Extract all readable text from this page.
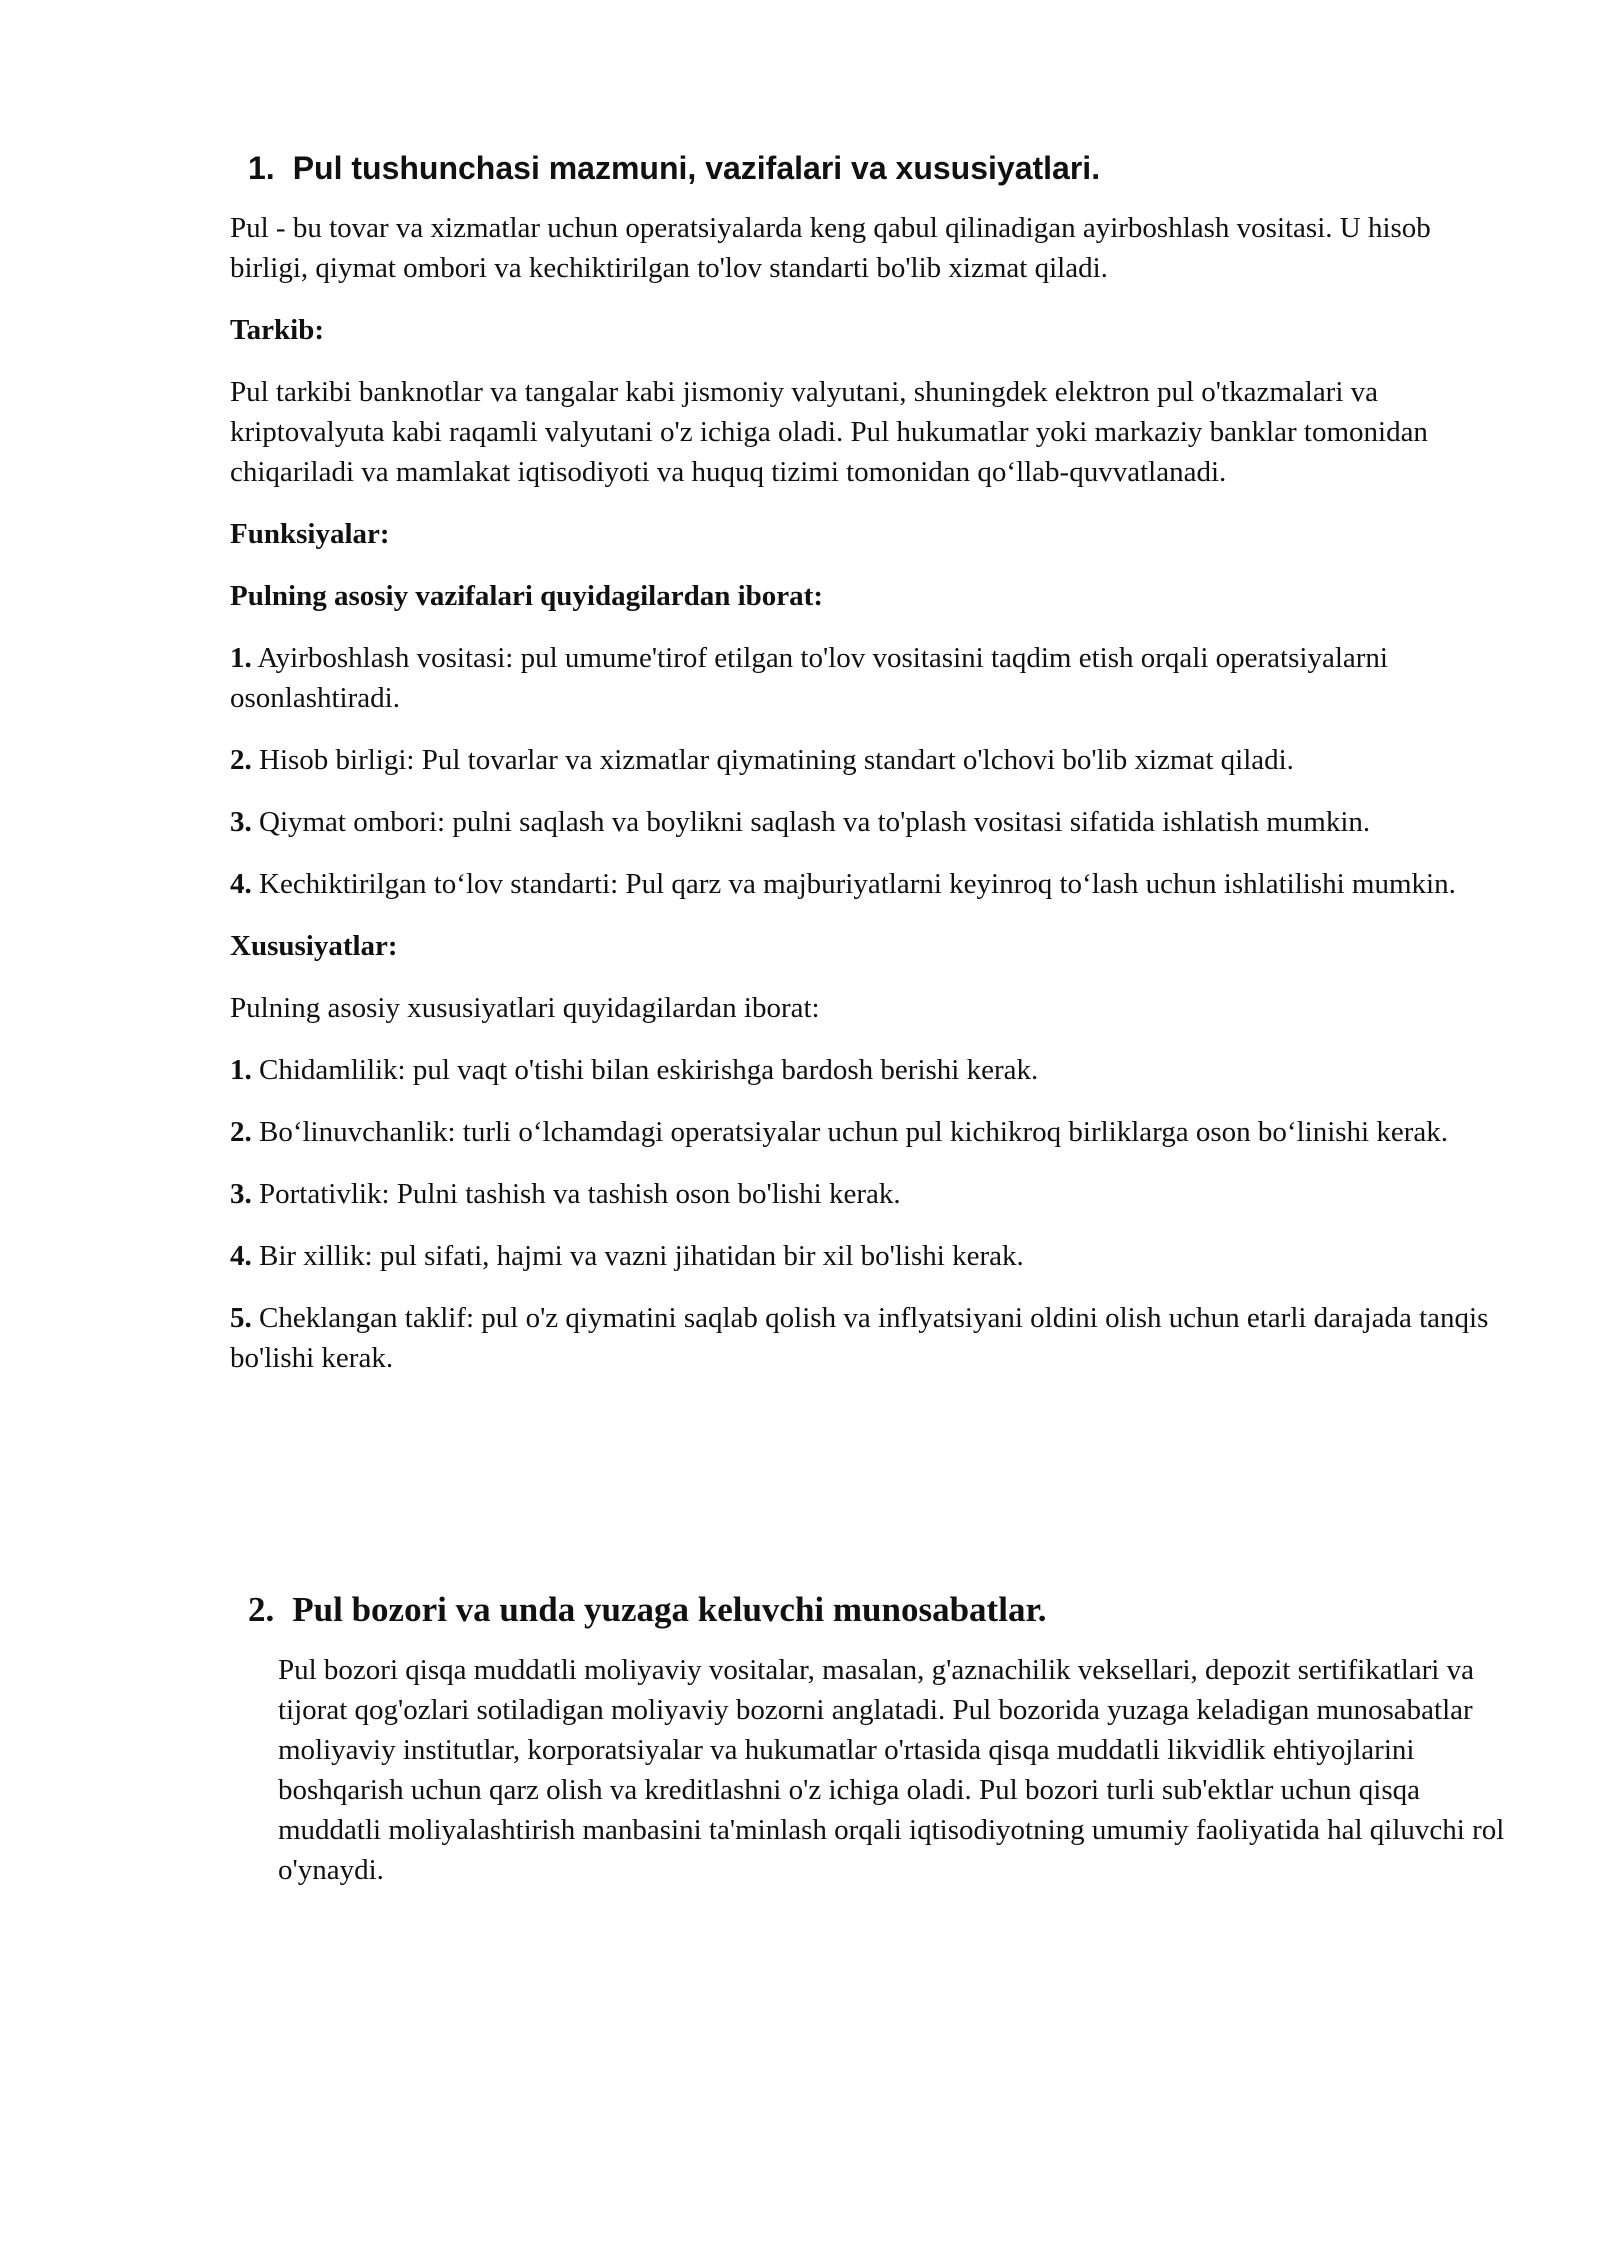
1. Pul tushunchasi mazmuni, vazifalari va xususiyatlari.

Pul - bu tovar va xizmatlar uchun operatsiyalarda keng qabul qilinadigan ayirboshlash vositasi. U hisob birligi, qiymat ombori va kechiktirilgan to'lov standarti bo'lib xizmat qiladi.

Tarkib:

Pul tarkibi banknotlar va tangalar kabi jismoniy valyutani, shuningdek elektron pul o'tkazmalari va kriptovalyuta kabi raqamli valyutani o'z ichiga oladi. Pul hukumatlar yoki markaziy banklar tomonidan chiqariladi va mamlakat iqtisodiyoti va huquq tizimi tomonidan qo‘llab-quvvatlanadi.

Funksiyalar:

Pulning asosiy vazifalari quyidagilardan iborat:

1. Ayirboshlash vositasi: pul umume'tirof etilgan to'lov vositasini taqdim etish orqali operatsiyalarni osonlashtiradi.

2. Hisob birligi: Pul tovarlar va xizmatlar qiymatining standart o'lchovi bo'lib xizmat qiladi.

3. Qiymat ombori: pulni saqlash va boylikni saqlash va to'plash vositasi sifatida ishlatish mumkin.

4. Kechiktirilgan to‘lov standarti: Pul qarz va majburiyatlarni keyinroq to‘lash uchun ishlatilishi mumkin.

Xususiyatlar:

Pulning asosiy xususiyatlari quyidagilardan iborat:

1. Chidamlilik: pul vaqt o'tishi bilan eskirishga bardosh berishi kerak.

2. Bo‘linuvchanlik: turli o‘lchamdagi operatsiyalar uchun pul kichikroq birliklarga oson bo‘linishi kerak.

3. Portativlik: Pulni tashish va tashish oson bo'lishi kerak.

4. Bir xillik: pul sifati, hajmi va vazni jihatidan bir xil bo'lishi kerak.

5. Cheklangan taklif: pul o'z qiymatini saqlab qolish va inflyatsiyani oldini olish uchun etarli darajada tanqis bo'lishi kerak.

2. Pul bozori va unda yuzaga keluvchi munosabatlar.

Pul bozori qisqa muddatli moliyaviy vositalar, masalan, g'aznachilik veksellari, depozit sertifikatlari va tijorat qog'ozlari sotiladigan moliyaviy bozorni anglatadi. Pul bozorida yuzaga keladigan munosabatlar moliyaviy institutlar, korporatsiyalar va hukumatlar o'rtasida qisqa muddatli likvidlik ehtiyojlarini boshqarish uchun qarz olish va kreditlashni o'z ichiga oladi. Pul bozori turli sub'ektlar uchun qisqa muddatli moliyalashtirish manbasini ta'minlash orqali iqtisodiyotning umumiy faoliyatida hal qiluvchi rol o'ynaydi.
